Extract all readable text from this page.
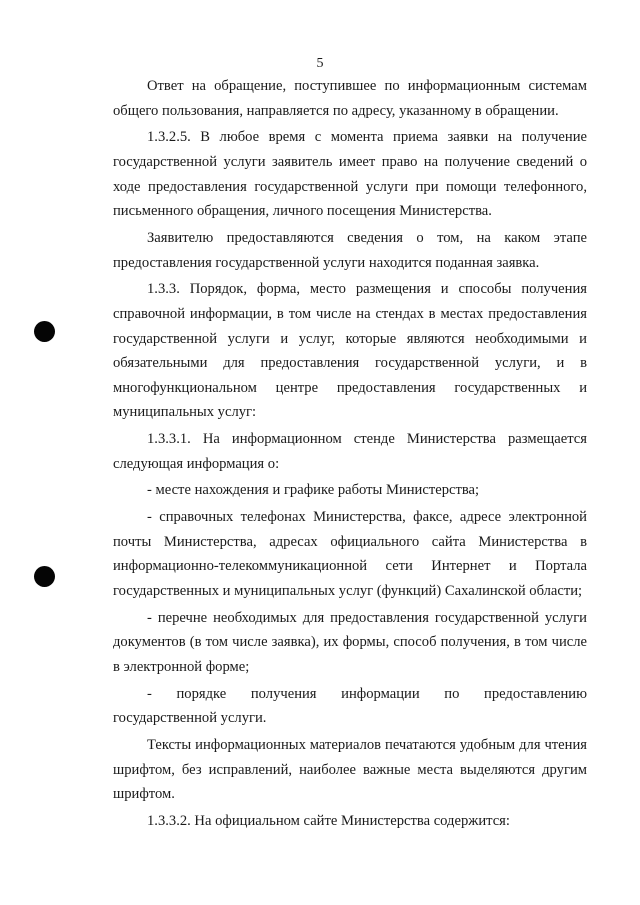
5

Ответ на обращение, поступившее по информационным системам общего пользования, направляется по адресу, указанному в обращении.

1.3.2.5. В любое время с момента приема заявки на получение государственной услуги заявитель имеет право на получение сведений о ходе предоставления государственной услуги при помощи телефонного, письменного обращения, личного посещения Министерства.

Заявителю предоставляются сведения о том, на каком этапе предоставления государственной услуги находится поданная заявка.

1.3.3. Порядок, форма, место размещения и способы получения справочной информации, в том числе на стендах в местах предоставления государственной услуги и услуг, которые являются необходимыми и обязательными для предоставления государственной услуги, и в многофункциональном центре предоставления государственных и муниципальных услуг:

1.3.3.1. На информационном стенде Министерства размещается следующая информация о:

- месте нахождения и графике работы Министерства;

- справочных телефонах Министерства, факсе, адресе электронной почты Министерства, адресах официального сайта Министерства в информационно-телекоммуникационной сети Интернет и Портала государственных и муниципальных услуг (функций) Сахалинской области;

- перечне необходимых для предоставления государственной услуги документов (в том числе заявка), их формы, способ получения, в том числе в электронной форме;

- порядке получения информации по предоставлению государственной услуги.

Тексты информационных материалов печатаются удобным для чтения шрифтом, без исправлений, наиболее важные места выделяются другим шрифтом.

1.3.3.2. На официальном сайте Министерства содержится:
